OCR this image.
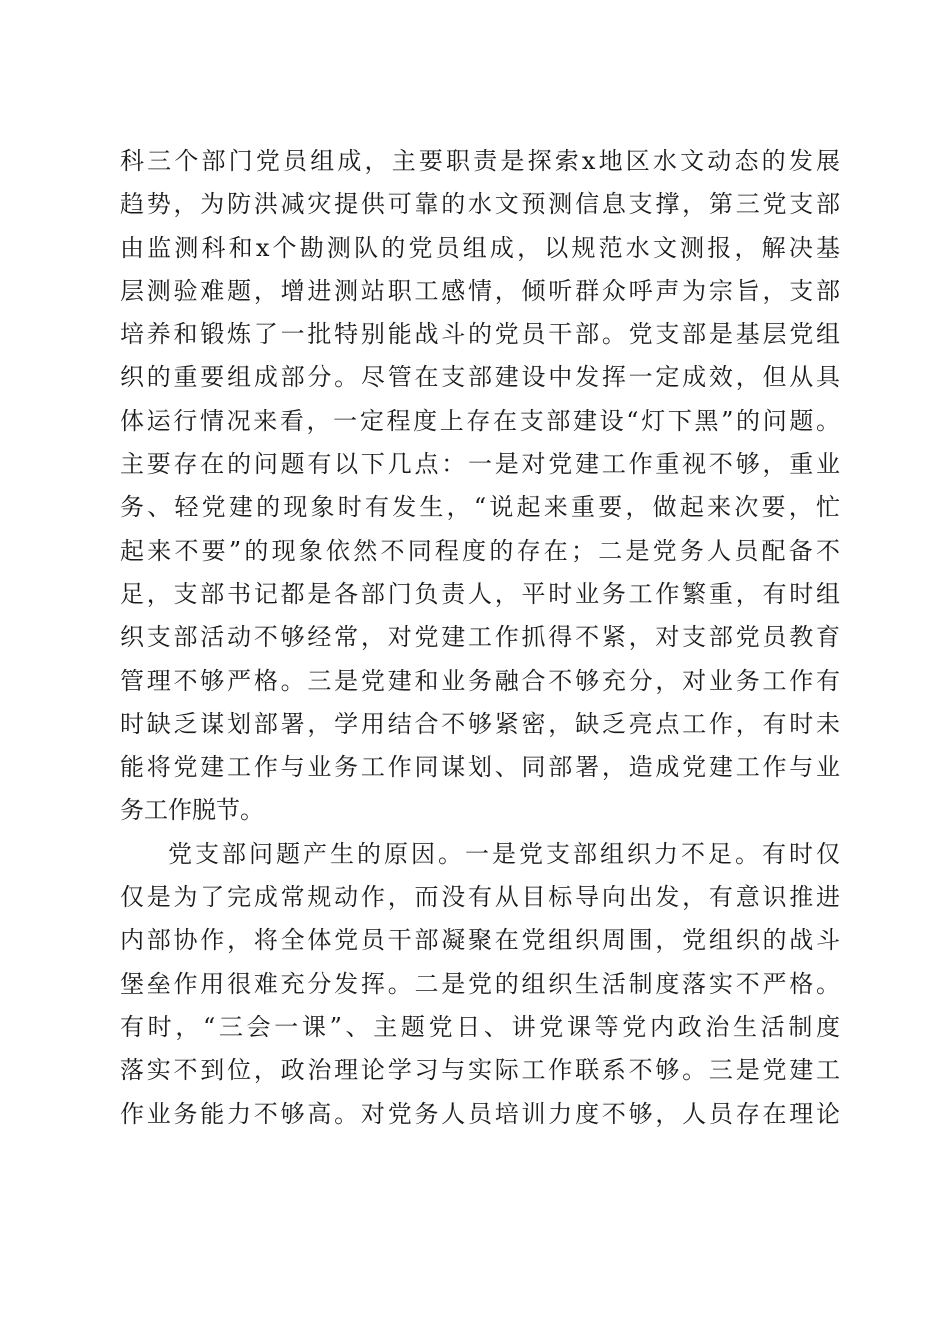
科三个部门党员组成，主要职责是探索x地区水文动态的发展
趋势，为防洪减灾提供可靠的水文预测信息支撑，第三党支部
由监测科和x个勘测队的党员组成，以规范水文测报，解决基
层测验难题，增进测站职工感情，倾听群众呼声为宗旨，支部
培养和锻炼了一批特别能战斗的党员干部。党支部是基层党组
织的重要组成部分。尽管在支部建设中发挥一定成效，但从具
体运行情况来看，一定程度上存在支部建设“灯下黑”的问题。
主要存在的问题有以下几点：一是对党建工作重视不够，重业
务、轻党建的现象时有发生，“说起来重要，做起来次要，忙
起来不要”的现象依然不同程度的存在；二是党务人员配备不
足，支部书记都是各部门负责人，平时业务工作繁重，有时组
织支部活动不够经常，对党建工作抓得不紧，对支部党员教育
管理不够严格。三是党建和业务融合不够充分，对业务工作有
时缺乏谋划部署，学用结合不够紧密，缺乏亮点工作，有时未
能将党建工作与业务工作同谋划、同部署，造成党建工作与业
务工作脱节。
党支部问题产生的原因。一是党支部组织力不足。有时仅
仅是为了完成常规动作，而没有从目标导向出发，有意识推进
内部协作，将全体党员干部凝聚在党组织周围，党组织的战斗
堡垒作用很难充分发挥。二是党的组织生活制度落实不严格。
有时，“三会一课”、主题党日、讲党课等党内政治生活制度
落实不到位，政治理论学习与实际工作联系不够。三是党建工
作业务能力不够高。对党务人员培训力度不够，人员存在理论
